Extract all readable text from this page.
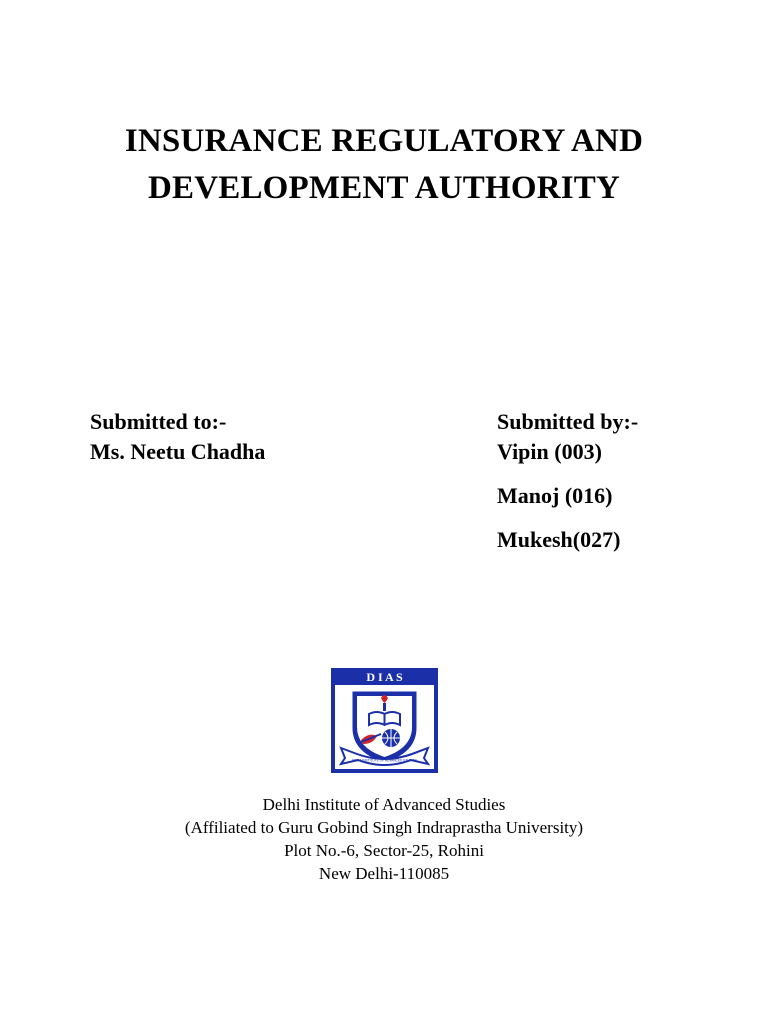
INSURANCE REGULATORY AND
DEVELOPMENT AUTHORITY
Submitted to:-
Ms. Neetu Chadha
Submitted by:-
Vipin (003)
Manoj (016)
Mukesh(027)
D I A S
DELHI INSTITUTE OF ADVANCED STUDIES
Delhi Institute of Advanced Studies
(Affiliated to Guru Gobind Singh Indraprastha University)
Plot No.-6, Sector-25, Rohini
New Delhi-110085
